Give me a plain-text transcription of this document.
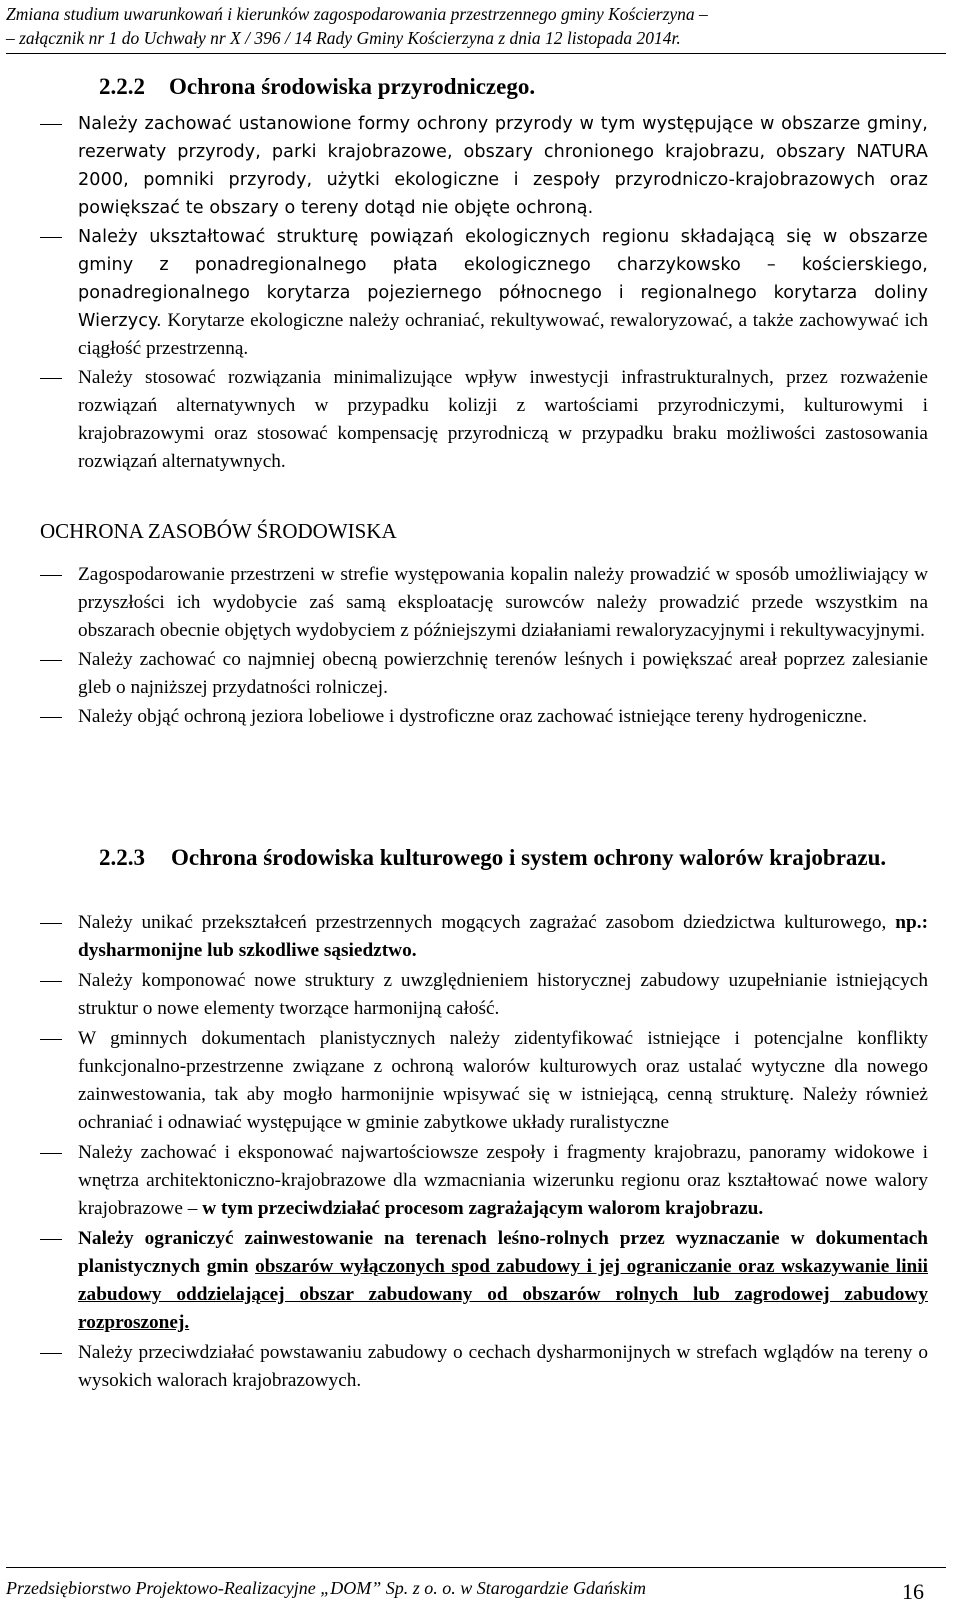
Zmiana studium uwarunkowań i kierunków zagospodarowania przestrzennego gminy Kościerzyna –
– załącznik nr 1 do Uchwały nr X / 396 / 14 Rady Gminy Kościerzyna z dnia 12 listopada 2014r.
2.2.2 Ochrona środowiska przyrodniczego.
Należy zachować ustanowione formy ochrony przyrody w tym występujące w obszarze gminy, rezerwaty przyrody, parki krajobrazowe, obszary chronionego krajobrazu, obszary NATURA 2000, pomniki przyrody, użytki ekologiczne i zespoły przyrodniczo-krajobrazowych oraz powiększać te obszary o tereny dotąd nie objęte ochroną.
Należy ukształtować strukturę powiązań ekologicznych regionu składającą się w obszarze gminy z ponadregionalnego płata ekologicznego charzykowsko – kościerskiego, ponadregionalnego korytarza pojeziernego północnego i regionalnego korytarza doliny Wierzycy. Korytarze ekologiczne należy ochraniać, rekultywować, rewaloryzować, a także zachowywać ich ciągłość przestrzenną.
Należy stosować rozwiązania minimalizujące wpływ inwestycji infrastrukturalnych, przez rozważenie rozwiązań alternatywnych w przypadku kolizji z wartościami przyrodniczymi, kulturowymi i krajobrazowymi oraz stosować kompensację przyrodniczą w przypadku braku możliwości zastosowania rozwiązań alternatywnych.
OCHRONA ZASOBÓW ŚRODOWISKA
Zagospodarowanie przestrzeni w strefie występowania kopalin należy prowadzić w sposób umożliwiający w przyszłości ich wydobycie zaś samą eksploatację surowców należy prowadzić przede wszystkim na obszarach obecnie objętych wydobyciem z późniejszymi działaniami rewaloryzacyjnymi i rekultywacyjnymi.
Należy zachować co najmniej obecną powierzchnię terenów leśnych i powiększać areał poprzez zalesianie gleb o najniższej przydatności rolniczej.
Należy objąć ochroną jeziora lobeliowe i dystroficzne oraz zachować istniejące tereny hydrogeniczne.
2.2.3	Ochrona środowiska kulturowego i system ochrony walorów krajobrazu.
Należy unikać przekształceń przestrzennych mogących zagrażać zasobom dziedzictwa kulturowego, np.: dysharmonijne lub szkodliwe sąsiedztwo.
Należy komponować nowe struktury z uwzględnieniem historycznej zabudowy uzupełnianie istniejących struktur o nowe elementy tworzące harmonijną całość.
W gminnych dokumentach planistycznych należy zidentyfikować istniejące i potencjalne konflikty funkcjonalno-przestrzenne związane z ochroną walorów kulturowych oraz ustalać wytyczne dla nowego zainwestowania, tak aby mogło harmonijnie wpisywać się w istniejącą, cenną strukturę. Należy również ochraniać i odnawiać występujące w gminie zabytkowe układy ruralistyczne
Należy zachować i eksponować najwartościowsze zespoły i fragmenty krajobrazu, panoramy widokowe i wnętrza architektoniczno-krajobrazowe dla wzmacniania wizerunku regionu oraz kształtować nowe walory krajobrazowe – w tym przeciwdziałać procesom zagrażającym walorom krajobrazu.
Należy ograniczyć zainwestowanie na terenach leśno-rolnych przez wyznaczanie w dokumentach planistycznych gmin obszarów wyłączonych spod zabudowy i jej ograniczanie oraz wskazywanie linii zabudowy oddzielającej obszar zabudowany od obszarów rolnych lub zagrodowej zabudowy rozproszonej.
Należy przeciwdziałać powstawaniu zabudowy o cechach dysharmonijnych w strefach wglądów na tereny o wysokich walorach krajobrazowych.
Przedsiębiorstwo Projektowo-Realizacyjne „DOM” Sp. z o. o. w Starogardzie Gdańskim	16
